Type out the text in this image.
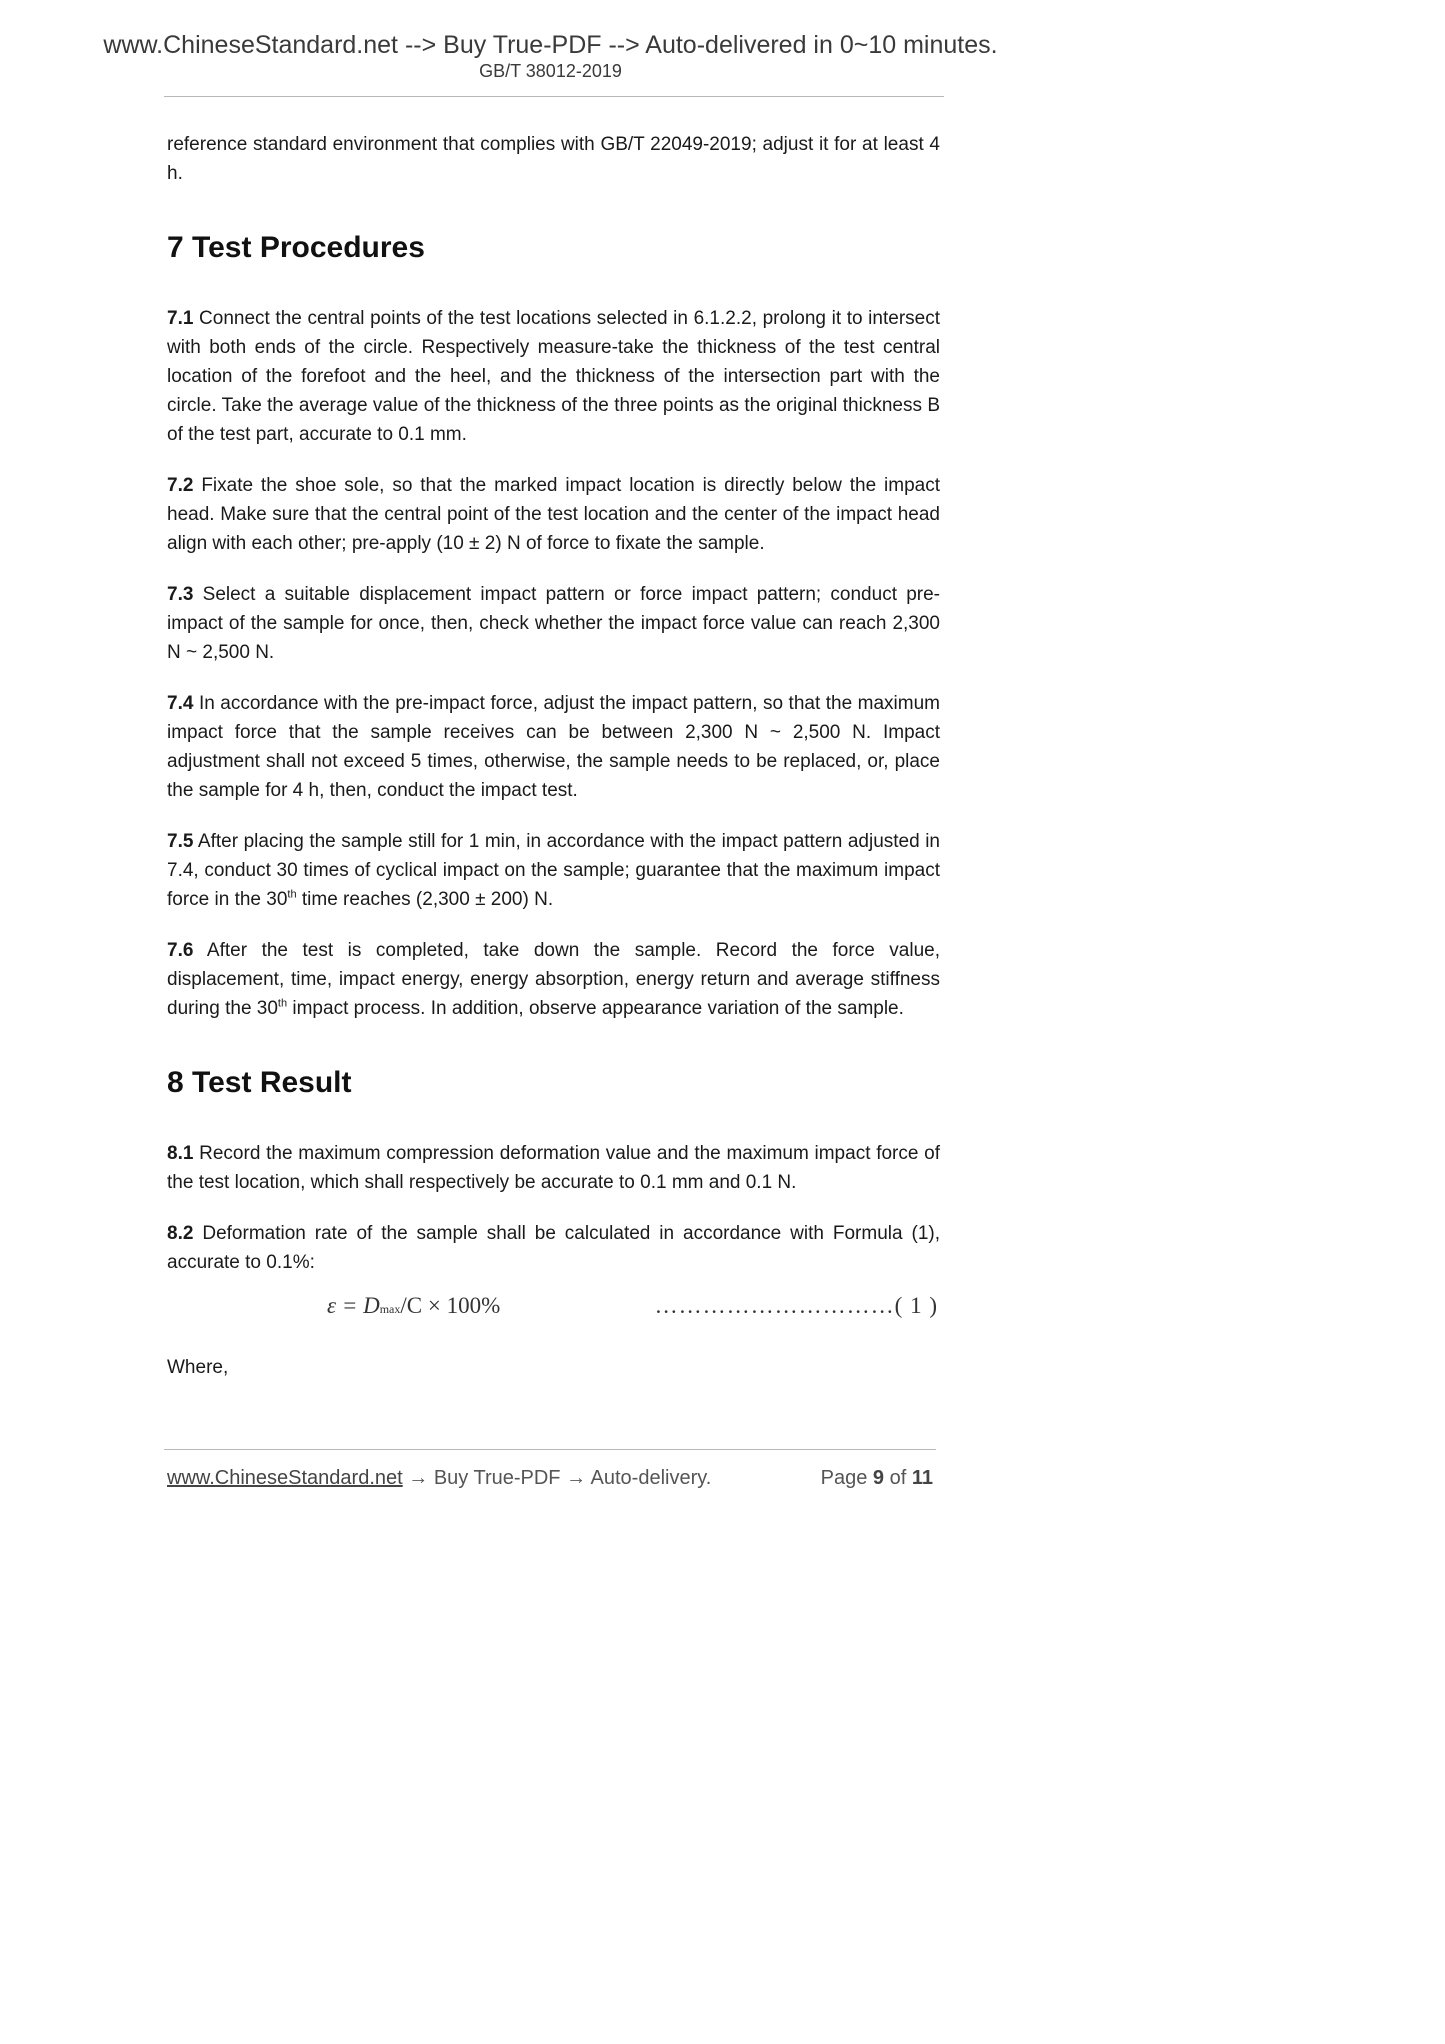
www.ChineseStandard.net --> Buy True-PDF --> Auto-delivered in 0~10 minutes.
GB/T 38012-2019

reference standard environment that complies with GB/T 22049-2019; adjust it for at least 4 h.

7 Test Procedures

7.1 Connect the central points of the test locations selected in 6.1.2.2, prolong it to intersect with both ends of the circle. Respectively measure-take the thickness of the test central location of the forefoot and the heel, and the thickness of the intersection part with the circle. Take the average value of the thickness of the three points as the original thickness B of the test part, accurate to 0.1 mm.

7.2 Fixate the shoe sole, so that the marked impact location is directly below the impact head. Make sure that the central point of the test location and the center of the impact head align with each other; pre-apply (10 ± 2) N of force to fixate the sample.

7.3 Select a suitable displacement impact pattern or force impact pattern; conduct pre-impact of the sample for once, then, check whether the impact force value can reach 2,300 N ~ 2,500 N.

7.4 In accordance with the pre-impact force, adjust the impact pattern, so that the maximum impact force that the sample receives can be between 2,300 N ~ 2,500 N. Impact adjustment shall not exceed 5 times, otherwise, the sample needs to be replaced, or, place the sample for 4 h, then, conduct the impact test.

7.5 After placing the sample still for 1 min, in accordance with the impact pattern adjusted in 7.4, conduct 30 times of cyclical impact on the sample; guarantee that the maximum impact force in the 30th time reaches (2,300 ± 200) N.

7.6 After the test is completed, take down the sample. Record the force value, displacement, time, impact energy, energy absorption, energy return and average stiffness during the 30th impact process. In addition, observe appearance variation of the sample.

8 Test Result

8.1 Record the maximum compression deformation value and the maximum impact force of the test location, which shall respectively be accurate to 0.1 mm and 0.1 N.

8.2 Deformation rate of the sample shall be calculated in accordance with Formula (1), accurate to 0.1%:

ε = Dmax/C × 100%	…………………………( 1 )

Where,

www.ChineseStandard.net → Buy True-PDF → Auto-delivery.	Page 9 of 11
